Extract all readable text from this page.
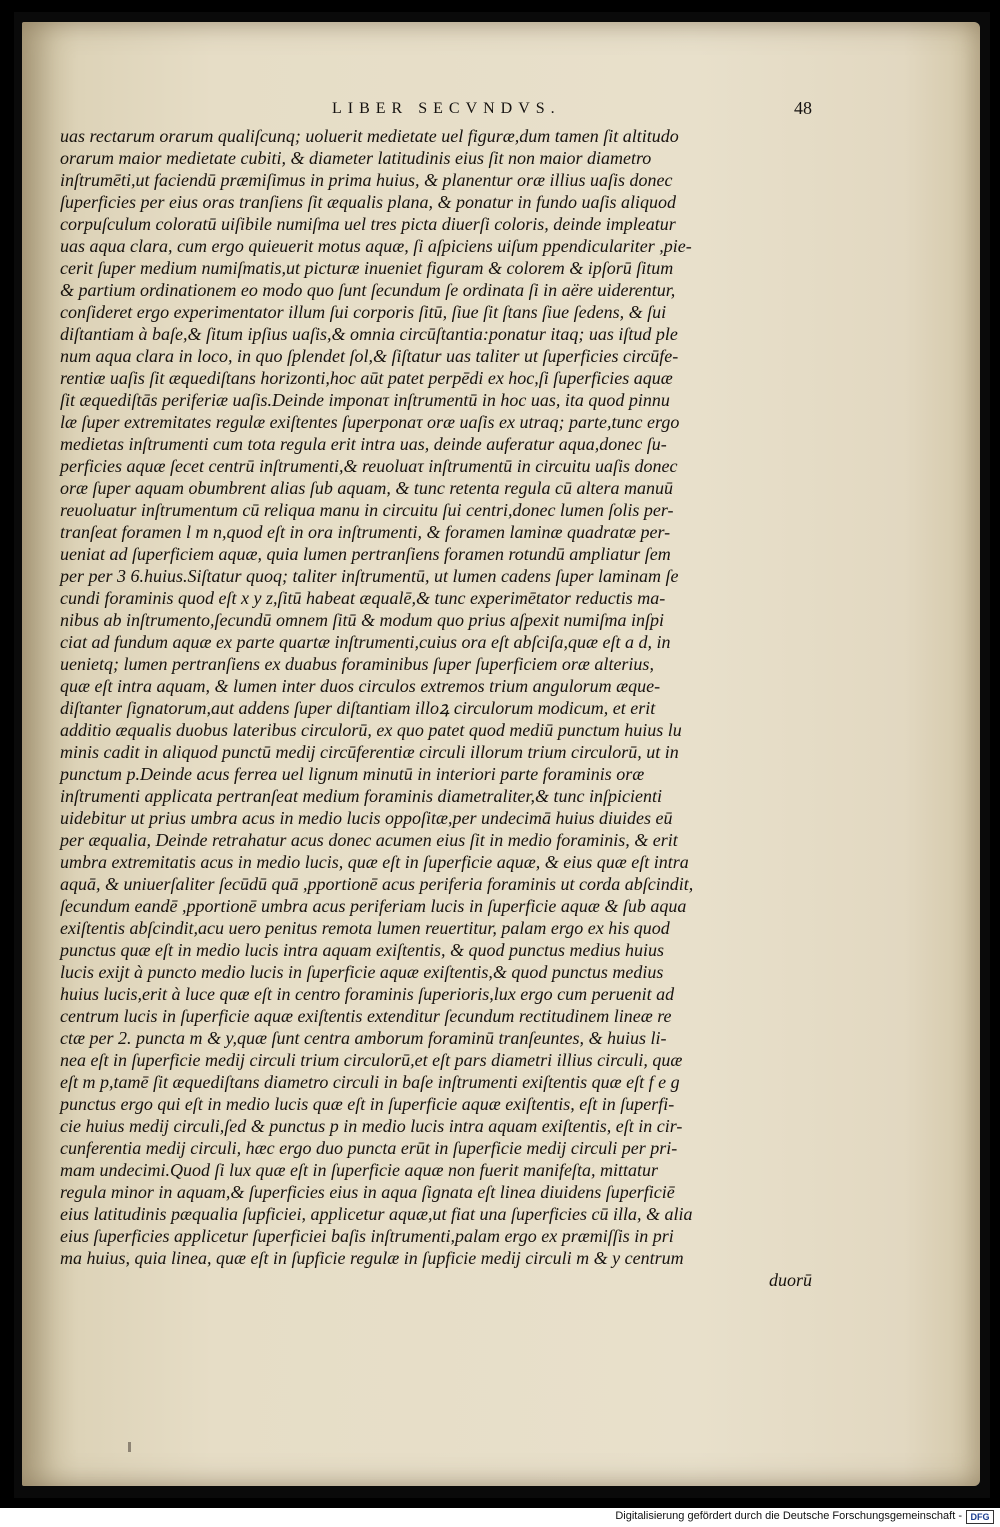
LIBER SECVNDVS.	48
uas rectarum orarum qualiſcunq; uoluerit medietate uel figuræ,dum tamen ſit altitudo
orarum maior medietate cubiti, & diameter latitudinis eius ſit non maior diametro
inſtrumēti,ut faciendū præmiſimus in prima huius, & planentur oræ illius uaſis donec
ſuperficies per eius oras tranſiens ſit æqualis plana, & ponatur in fundo uaſis aliquod
corpuſculum coloratū uiſibile numiſma uel tres picta diuerſi coloris, deinde impleatur
uas aqua clara, cum ergo quieuerit motus aquæ, ſi aſpiciens uiſum ppendiculariter ,pie-
cerit ſuper medium numiſmatis,ut picturæ inueniet figuram & colorem & ipſorū ſitum
& partium ordinationem eo modo quo ſunt ſecundum ſe ordinata ſi in aëre uiderentur,
conſideret ergo experimentator illum ſui corporis ſitū, ſiue ſit ſtans ſiue ſedens, & ſui
diſtantiam à baſe,& ſitum ipſius uaſis,& omnia circūſtantia:ponatur itaq; uas iſtud ple
num aqua clara in loco, in quo ſplendet ſol,& ſiſtatur uas taliter ut ſuperficies circūfe-
rentiæ uaſis ſit æquediſtans horizonti,hoc aūt patet perpēdi ex hoc,ſi ſuperficies aquæ
ſit æquediſtās periferiæ uaſis.Deinde imponaτ inſtrumentū in hoc uas, ita quod pinnu
læ ſuper extremitates regulæ exiſtentes ſuperponaτ oræ uaſis ex utraq; parte,tunc ergo
medietas inſtrumenti cum tota regula erit intra uas, deinde auferatur aqua,donec ſu-
perficies aquæ ſecet centrū inſtrumenti,& reuoluaτ inſtrumentū in circuitu uaſis donec
oræ ſuper aquam obumbrent alias ſub aquam, & tunc retenta regula cū altera manuū
reuoluatur inſtrumentum cū reliqua manu in circuitu ſui centri,donec lumen ſolis per-
tranſeat foramen l m n,quod eſt in ora inſtrumenti, & foramen laminæ quadratæ per-
ueniat ad ſuperficiem aquæ, quia lumen pertranſiens foramen rotundū ampliatur ſem
per per 3 6.huius.Siſtatur quoq; taliter inſtrumentū, ut lumen cadens ſuper laminam ſe
cundi foraminis quod eſt x y z,ſitū habeat æqualē,& tunc experimētator reductis ma-
nibus ab inſtrumento,ſecundū omnem ſitū & modum quo prius aſpexit numiſma inſpi
ciat ad fundum aquæ ex parte quartæ inſtrumenti,cuius ora eſt abſciſa,quæ eſt a d, in
uenietq; lumen pertranſiens ex duabus foraminibus ſuper ſuperficiem oræ alterius,
quæ eſt intra aquam, & lumen inter duos circulos extremos trium angulorum æque-
diſtanter ſignatorum,aut addens ſuper diſtantiam illoꝝ circulorum modicum, et erit
additio æqualis duobus lateribus circulorū, ex quo patet quod mediū punctum huius lu
minis cadit in aliquod punctū medij circūferentiæ circuli illorum trium circulorū, ut in
punctum p.Deinde acus ferrea uel lignum minutū in interiori parte foraminis oræ
inſtrumenti applicata pertranſeat medium foraminis diametraliter,& tunc inſpicienti
uidebitur ut prius umbra acus in medio lucis oppoſitæ,per undecimā huius diuides eū
per æqualia, Deinde retrahatur acus donec acumen eius ſit in medio foraminis, & erit
umbra extremitatis acus in medio lucis, quæ eſt in ſuperficie aquæ, & eius quæ eſt intra
aquā, & uniuerſaliter ſecūdū quā ,pportionē acus periferia foraminis ut corda abſcindit,
ſecundum eandē ,pportionē umbra acus periferiam lucis in ſuperficie aquæ & ſub aqua
exiſtentis abſcindit,acu uero penitus remota lumen reuertitur, palam ergo ex his quod
punctus quæ eſt in medio lucis intra aquam exiſtentis, & quod punctus medius huius
lucis exijt à puncto medio lucis in ſuperficie aquæ exiſtentis,& quod punctus medius
huius lucis,erit à luce quæ eſt in centro foraminis ſuperioris,lux ergo cum peruenit ad
centrum lucis in ſuperficie aquæ exiſtentis extenditur ſecundum rectitudinem lineæ re
ctæ per 2. puncta m & y,quæ ſunt centra amborum foraminū tranſeuntes, & huius li-
nea eſt in ſuperficie medij circuli trium circulorū,et eſt pars diametri illius circuli, quæ
eſt m p,tamē ſit æquediſtans diametro circuli in baſe inſtrumenti exiſtentis quæ eſt f e g
punctus ergo qui eſt in medio lucis quæ eſt in ſuperficie aquæ exiſtentis, eſt in ſuperfi-
cie huius medij circuli,ſed & punctus p in medio lucis intra aquam exiſtentis, eſt in cir-
cunferentia medij circuli, hæc ergo duo puncta erūt in ſuperficie medij circuli per pri-
mam undecimi.Quod ſi lux quæ eſt in ſuperficie aquæ non fuerit manifeſta, mittatur
regula minor in aquam,& ſuperficies eius in aqua ſignata eſt linea diuidens ſuperficiē
eius latitudinis pæqualia ſupficiei, applicetur aquæ,ut fiat una ſuperficies cū illa, & alia
eius ſuperficies applicetur ſuperficiei baſis inſtrumenti,palam ergo ex præmiſſis in pri
ma huius, quia linea, quæ eſt in ſupficie regulæ in ſupficie medij circuli m & y centrum
duorū
Digitalisierung gefördert durch die Deutsche Forschungsgemeinschaft - DFG
